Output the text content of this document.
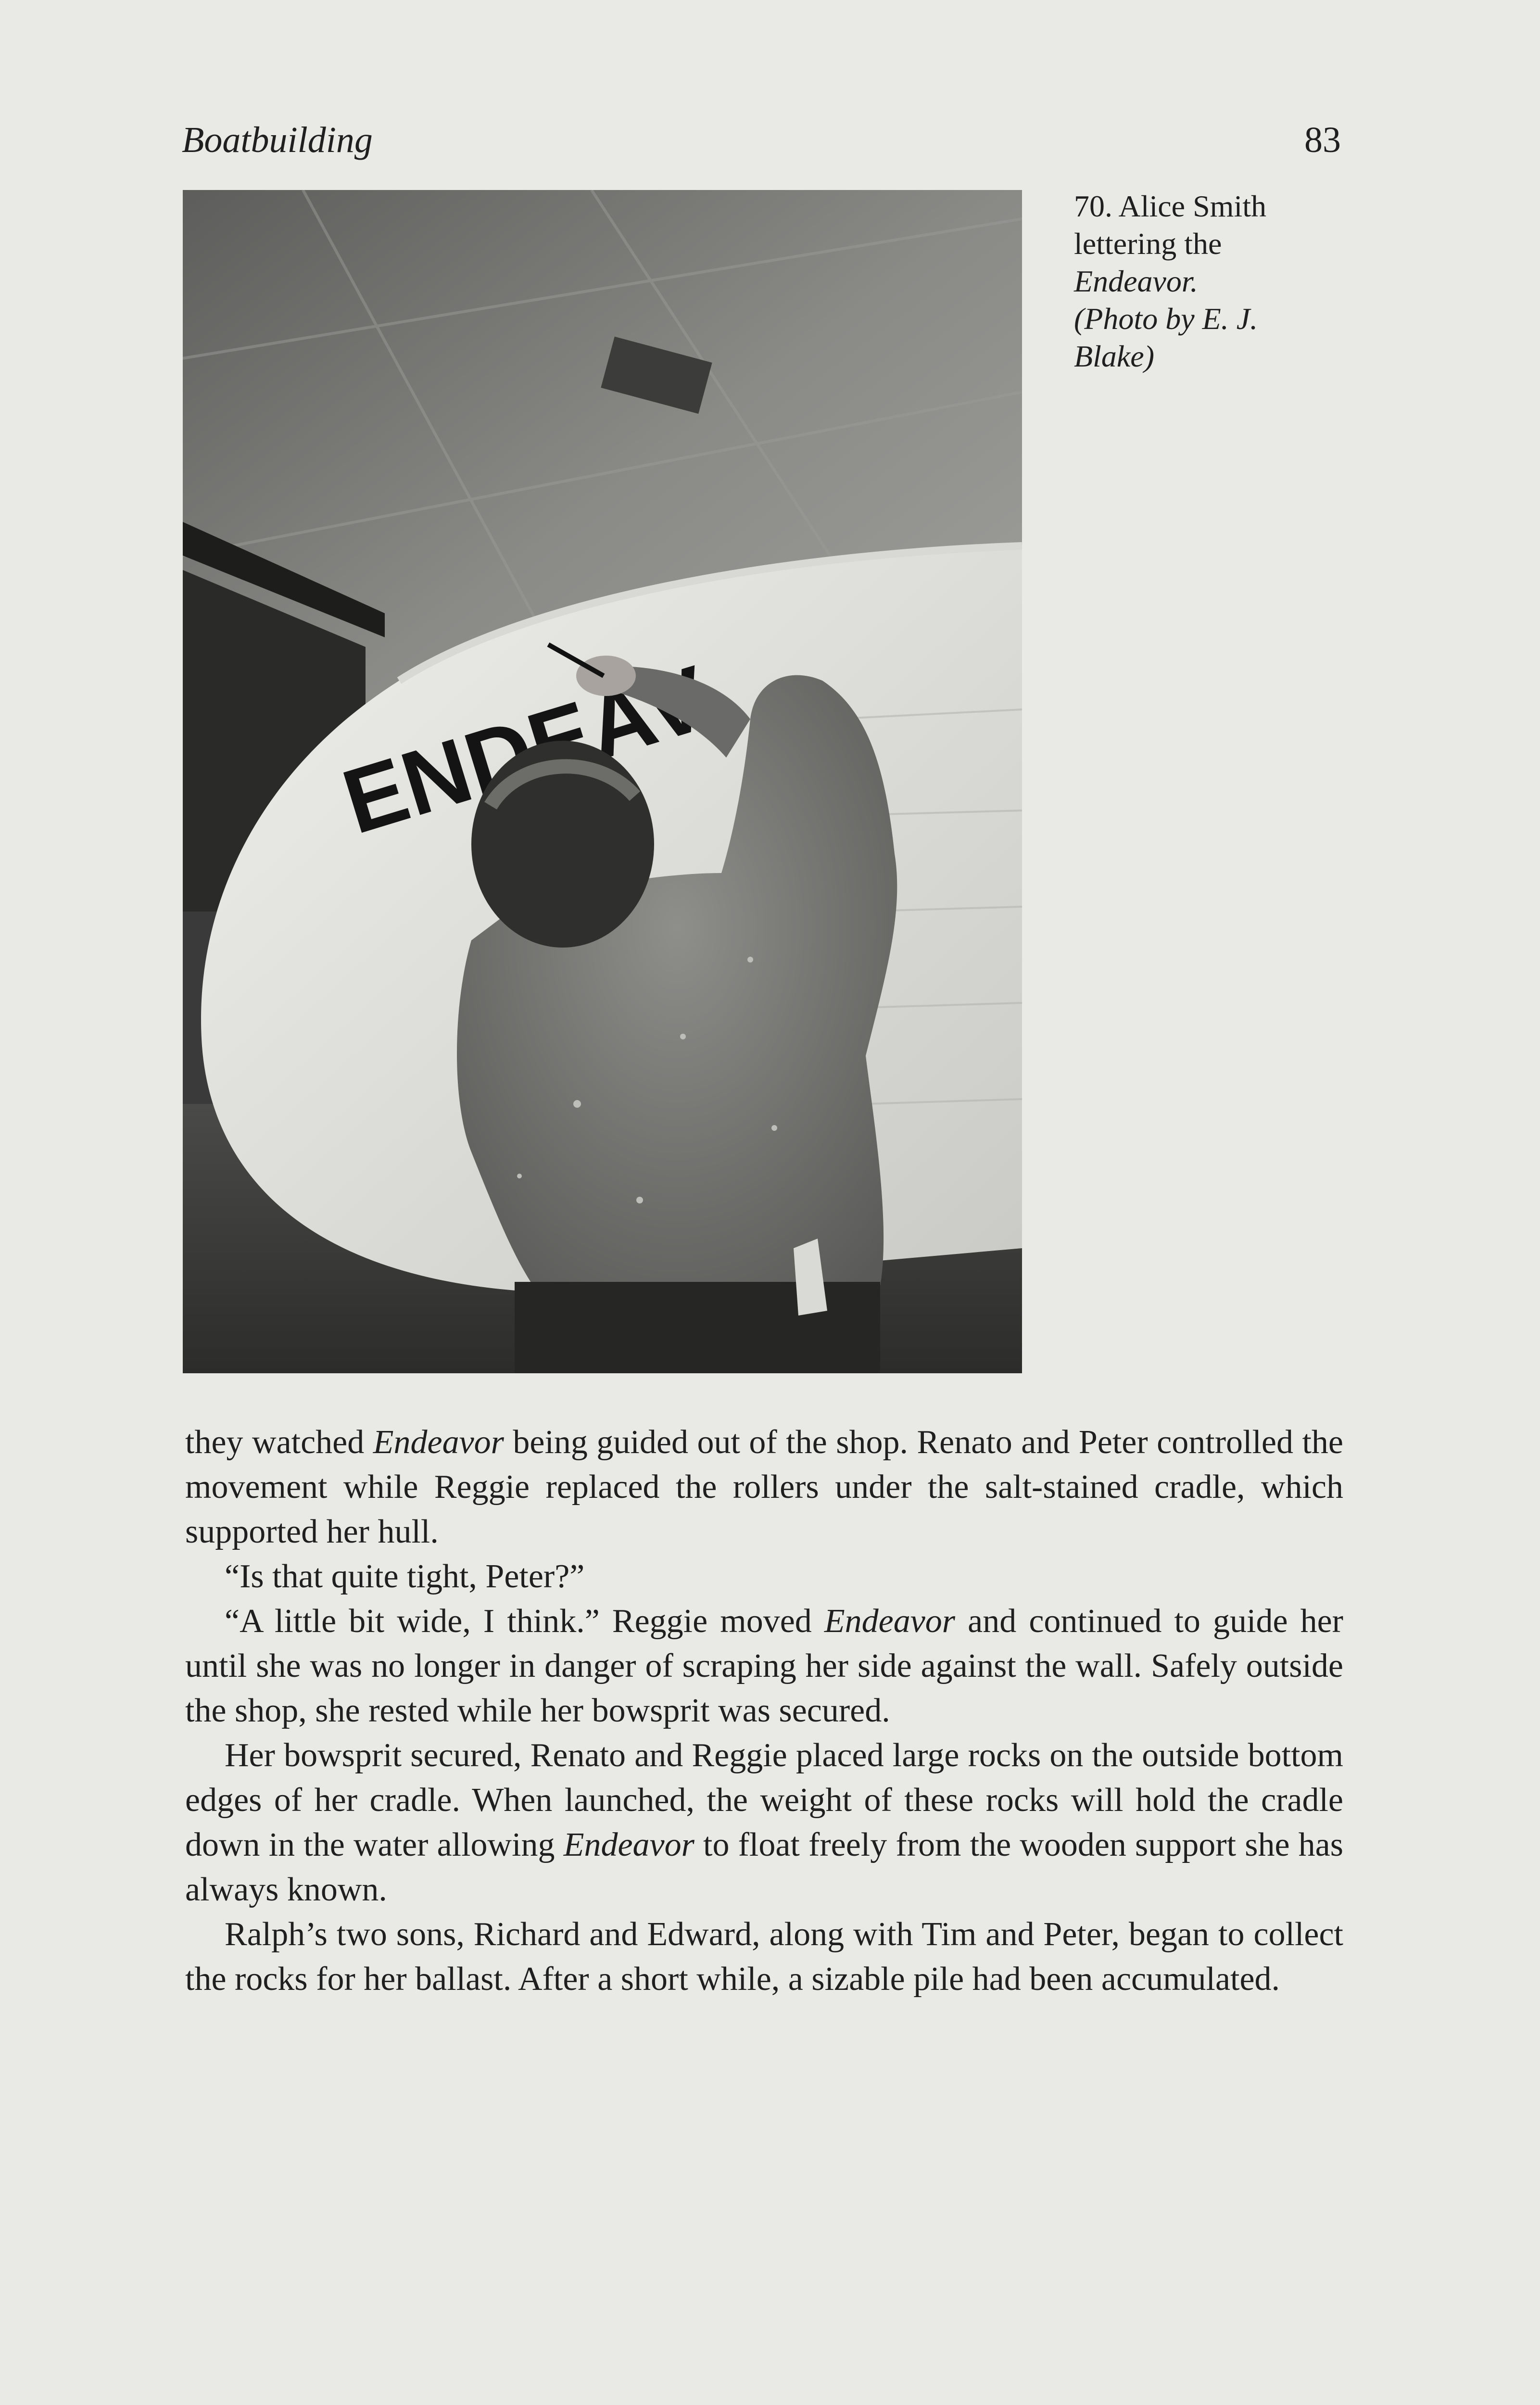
Boatbuilding	83
70. Alice Smith
lettering the
Endeavor.
(Photo by E. J.
Blake)

they watched Endeavor being guided out of the shop. Renato and Peter controlled the movement while Reggie replaced the rollers under the salt-stained cradle, which supported her hull.

“Is that quite tight, Peter?”

“A little bit wide, I think.” Reggie moved Endeavor and continued to guide her until she was no longer in danger of scraping her side against the wall. Safely outside the shop, she rested while her bowsprit was secured.

Her bowsprit secured, Renato and Reggie placed large rocks on the outside bottom edges of her cradle. When launched, the weight of these rocks will hold the cradle down in the water allowing Endeavor to float freely from the wooden support she has always known.

Ralph’s two sons, Richard and Edward, along with Tim and Peter, began to collect the rocks for her ballast. After a short while, a sizable pile had been accumulated.
